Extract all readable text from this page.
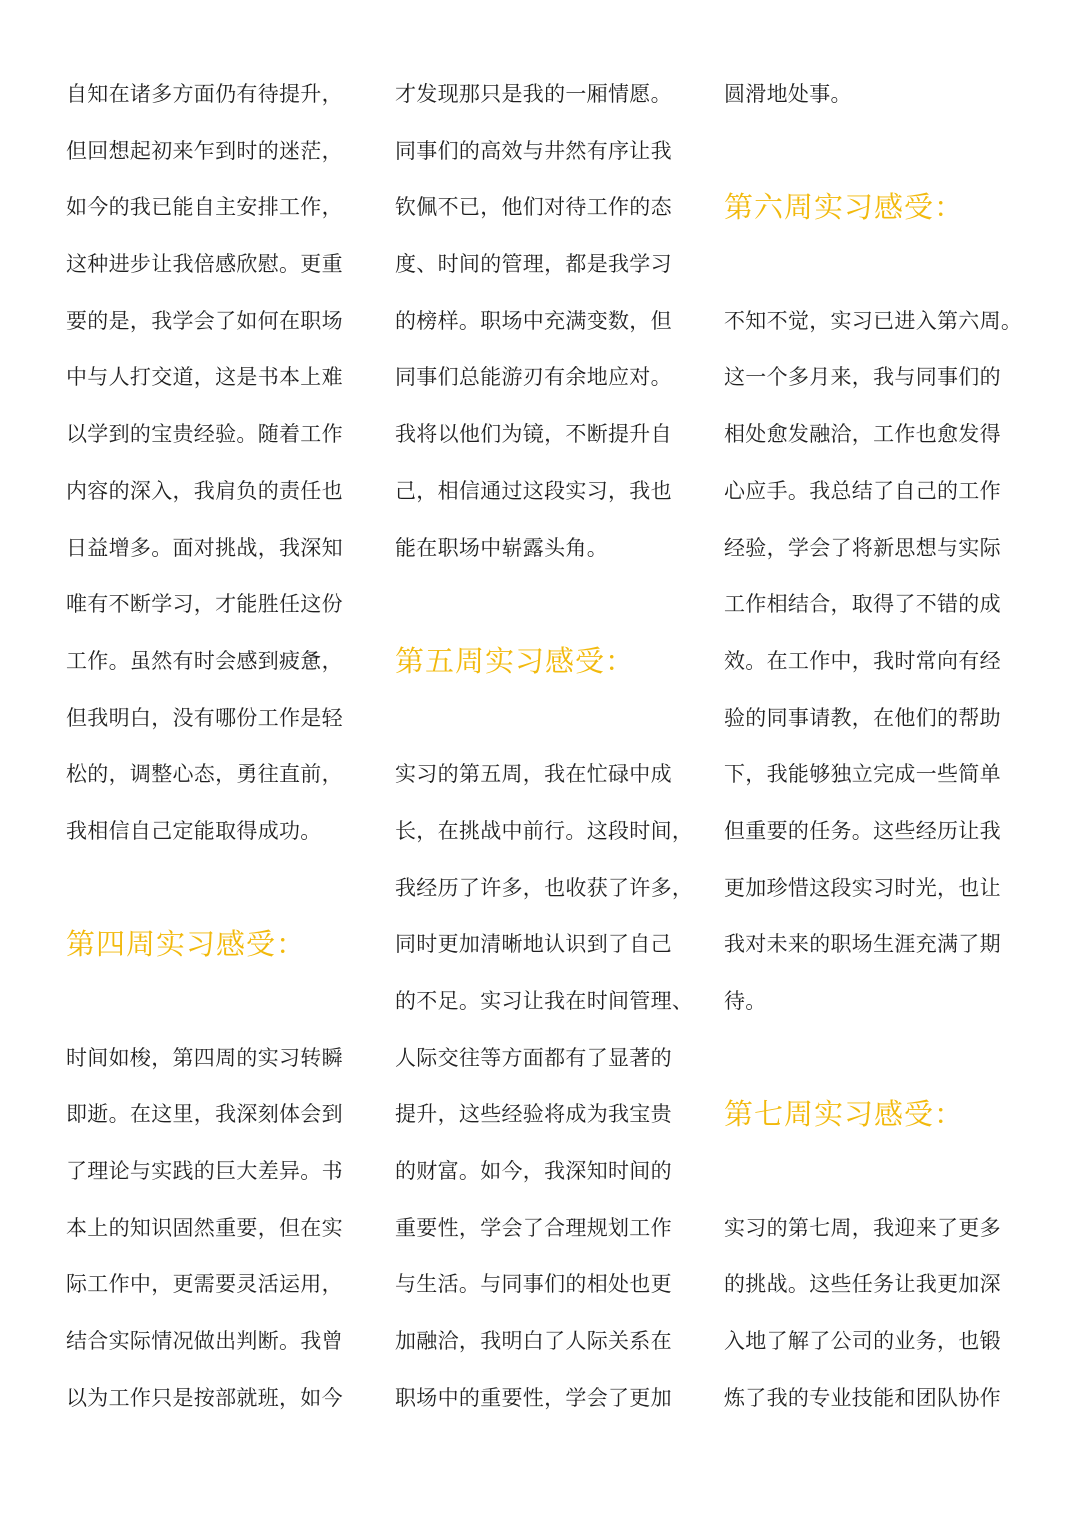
自知在诸多方面仍有待提升，
但回想起初来乍到时的迷茫，
如今的我已能自主安排工作，
这种进步让我倍感欣慰。更重
要的是，我学会了如何在职场
中与人打交道，这是书本上难
以学到的宝贵经验。随着工作
内容的深入，我肩负的责任也
日益增多。面对挑战，我深知
唯有不断学习，才能胜任这份
工作。虽然有时会感到疲惫，
但我明白，没有哪份工作是轻
松的，调整心态，勇往直前，
我相信自己定能取得成功。
第四周实习感受：
时间如梭，第四周的实习转瞬
即逝。在这里，我深刻体会到
了理论与实践的巨大差异。书
本上的知识固然重要，但在实
际工作中，更需要灵活运用，
结合实际情况做出判断。我曾
以为工作只是按部就班，如今
才发现那只是我的一厢情愿。
同事们的高效与井然有序让我
钦佩不已，他们对待工作的态
度、时间的管理，都是我学习
的榜样。职场中充满变数，但
同事们总能游刃有余地应对。
我将以他们为镜，不断提升自
己，相信通过这段实习，我也
能在职场中崭露头角。
第五周实习感受：
实习的第五周，我在忙碌中成
长，在挑战中前行。这段时间，
我经历了许多，也收获了许多，
同时更加清晰地认识到了自己
的不足。实习让我在时间管理、
人际交往等方面都有了显著的
提升，这些经验将成为我宝贵
的财富。如今，我深知时间的
重要性，学会了合理规划工作
与生活。与同事们的相处也更
加融洽，我明白了人际关系在
职场中的重要性，学会了更加
圆滑地处事。
第六周实习感受：
不知不觉，实习已进入第六周。
这一个多月来，我与同事们的
相处愈发融洽，工作也愈发得
心应手。我总结了自己的工作
经验，学会了将新思想与实际
工作相结合，取得了不错的成
效。在工作中，我时常向有经
验的同事请教，在他们的帮助
下，我能够独立完成一些简单
但重要的任务。这些经历让我
更加珍惜这段实习时光，也让
我对未来的职场生涯充满了期
待。
第七周实习感受：
实习的第七周，我迎来了更多
的挑战。这些任务让我更加深
入地了解了公司的业务，也锻
炼了我的专业技能和团队协作
